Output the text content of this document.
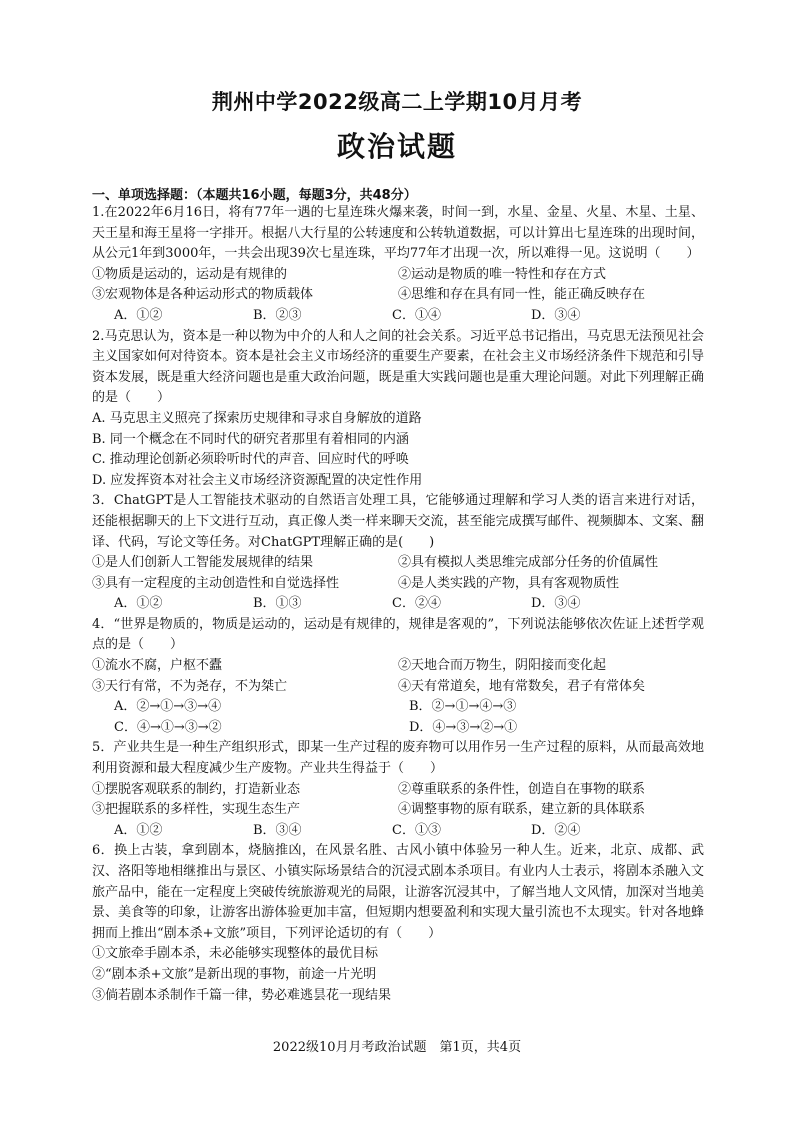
荆州中学2022级高二上学期10月月考
政治试题
一、单项选择题：（本题共16小题，每题3分，共48分）

1.在2022年6月16日，将有77年一遇的七星连珠火爆来袭，时间一到，水星、金星、火星、木星、土星、天王星和海王星将一字排开。根据八大行星的公转速度和公转轨道数据，可以计算出七星连珠的出现时间，从公元1年到3000年，一共会出现39次七星连珠，平均77年才出现一次，所以难得一见。这说明（　　）

①物质是运动的，运动是有规律的	②运动是物质的唯一特性和存在方式
③宏观物体是各种运动形式的物质载体	④思维和存在具有同一性，能正确反映存在
A．①②	B．②③	C．①④	D．③④

2.马克思认为，资本是一种以物为中介的人和人之间的社会关系。习近平总书记指出，马克思无法预见社会主义国家如何对待资本。资本是社会主义市场经济的重要生产要素，在社会主义市场经济条件下规范和引导资本发展，既是重大经济问题也是重大政治问题，既是重大实践问题也是重大理论问题。对此下列理解正确的是（　　）

A. 马克思主义照亮了探索历史规律和寻求自身解放的道路
B. 同一个概念在不同时代的研究者那里有着相同的内涵
C. 推动理论创新必须聆听时代的声音、回应时代的呼唤
D. 应发挥资本对社会主义市场经济资源配置的决定性作用

3．ChatGPT是人工智能技术驱动的自然语言处理工具，它能够通过理解和学习人类的语言来进行对话，还能根据聊天的上下文进行互动，真正像人类一样来聊天交流，甚至能完成撰写邮件、视频脚本、文案、翻译、代码，写论文等任务。对ChatGPT理解正确的是(　　)

①是人们创新人工智能发展规律的结果	②具有模拟人类思维完成部分任务的价值属性
③具有一定程度的主动创造性和自觉选择性	④是人类实践的产物，具有客观物质性
A．①②	B．①③	C．②④	D．③④

4．“世界是物质的，物质是运动的，运动是有规律的，规律是客观的”，下列说法能够依次佐证上述哲学观点的是（　　）

①流水不腐，户枢不蠹	②天地合而万物生，阴阳接而变化起
③天行有常，不为尧存，不为桀亡	④天有常道矣，地有常数矣，君子有常体矣
A．②→①→③→④	B．②→①→④→③
C．④→①→③→②	D．④→③→②→①

5．产业共生是一种生产组织形式，即某一生产过程的废弃物可以用作另一生产过程的原料，从而最高效地利用资源和最大程度减少生产废物。产业共生得益于（　　）

①摆脱客观联系的制约，打造新业态	②尊重联系的条件性，创造自在事物的联系
③把握联系的多样性，实现生态生产	④调整事物的原有联系，建立新的具体联系
A．①②	B．③④	C．①③	D．②④

6．换上古装，拿到剧本，烧脑推凶，在风景名胜、古风小镇中体验另一种人生。近来，北京、成都、武汉、洛阳等地相继推出与景区、小镇实际场景结合的沉浸式剧本杀项目。有业内人士表示，将剧本杀融入文旅产品中，能在一定程度上突破传统旅游观光的局限，让游客沉浸其中，了解当地人文风情，加深对当地美景、美食等的印象，让游客出游体验更加丰富，但短期内想要盈利和实现大量引流也不太现实。针对各地蜂拥而上推出“剧本杀+文旅”项目，下列评论适切的有（　　）

①文旅牵手剧本杀，未必能够实现整体的最优目标
②“剧本杀+文旅”是新出现的事物，前途一片光明
③倘若剧本杀制作千篇一律，势必难逃昙花一现结果
2022级10月月考政治试题　第1页，共4页
